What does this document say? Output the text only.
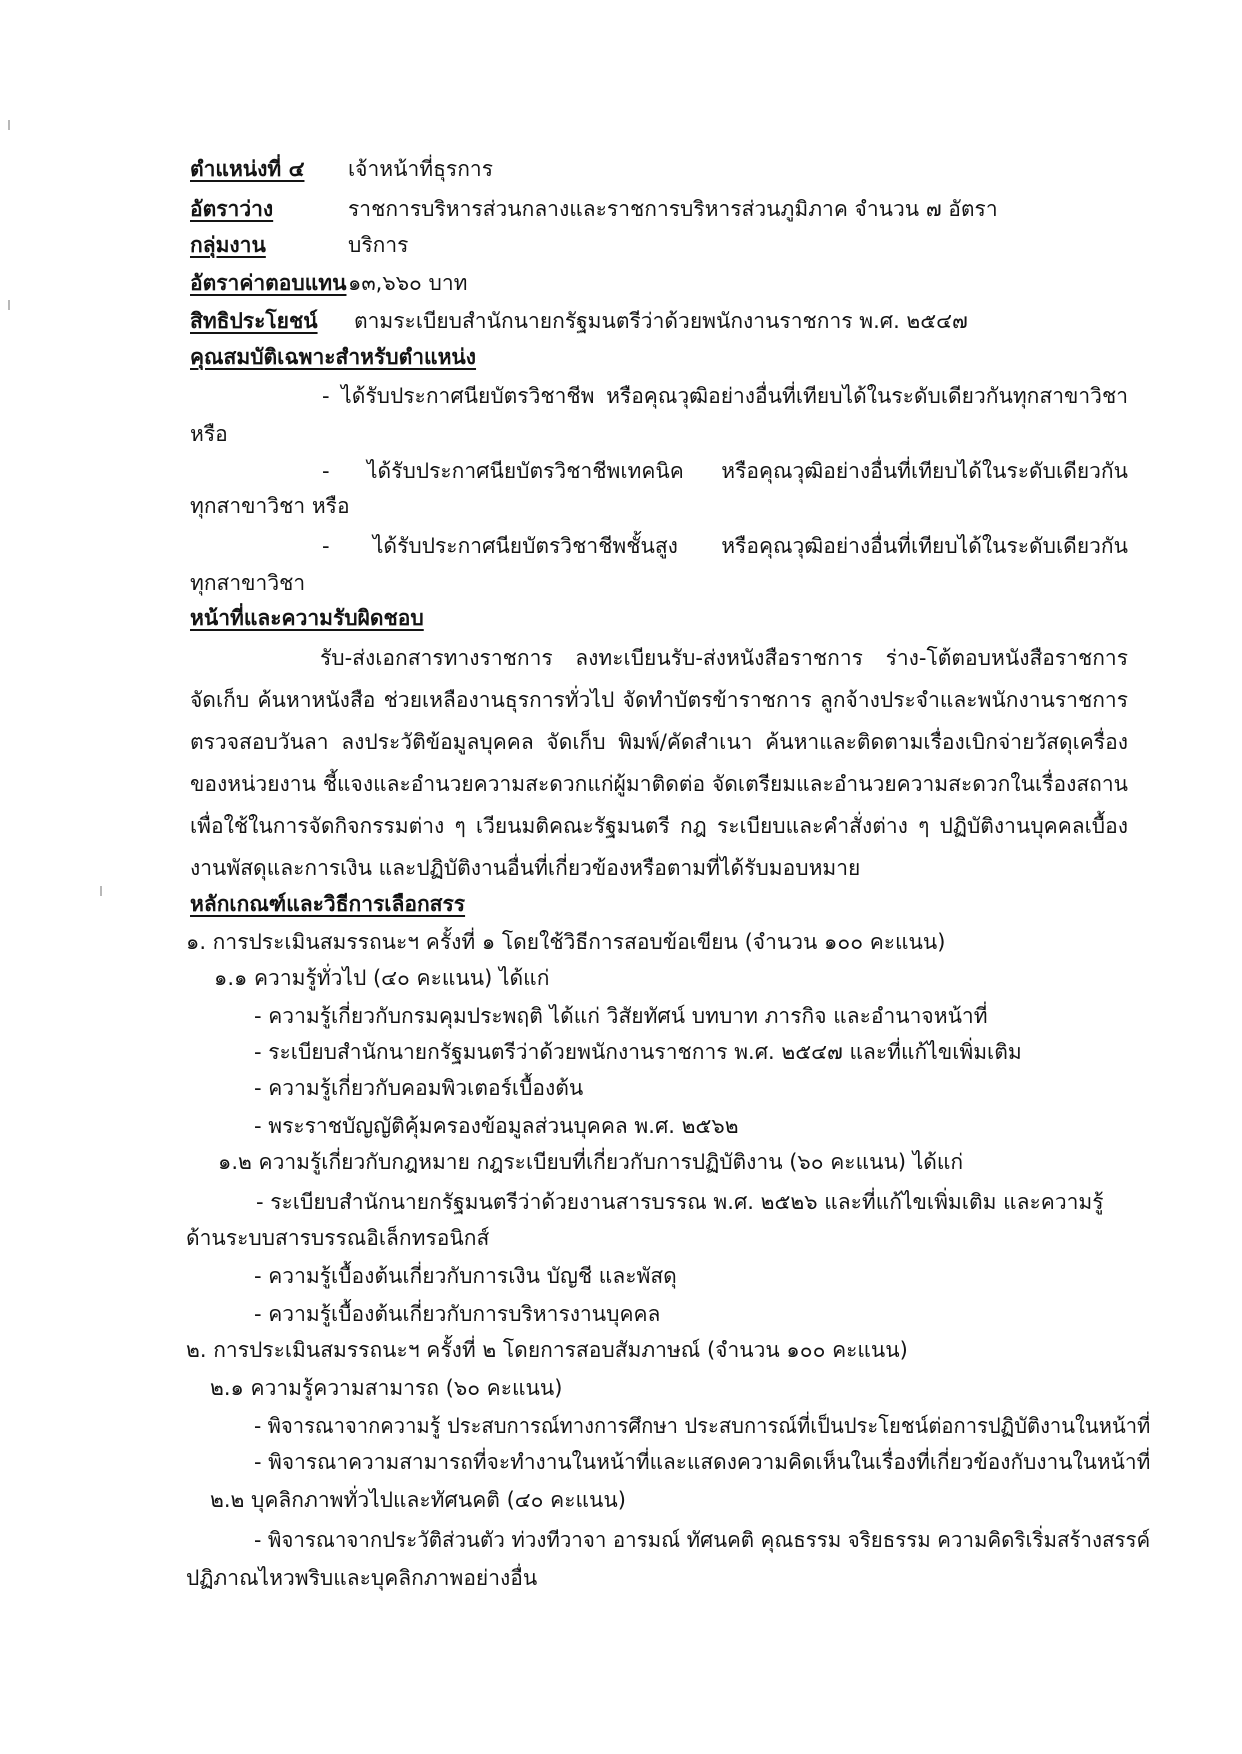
ตำแหน่งที่ ๔ เจ้าหน้าที่ธุรการ
อัตราว่าง	ราชการบริหารส่วนกลางและราชการบริหารส่วนภูมิภาค จำนวน ๗ อัตรา
กลุ่มงาน	บริการ
อัตราค่าตอบแทน ๑๓,๖๖๐ บาท
สิทธิประโยชน์ ตามระเบียบสำนักนายกรัฐมนตรีว่าด้วยพนักงานราชการ พ.ศ. ๒๕๔๗
คุณสมบัติเฉพาะสำหรับตำแหน่ง
- ได้รับประกาศนียบัตรวิชาชีพ หรือคุณวุฒิอย่างอื่นที่เทียบได้ในระดับเดียวกันทุกสาขาวิชา
หรือ
- ได้รับประกาศนียบัตรวิชาชีพเทคนิค หรือคุณวุฒิอย่างอื่นที่เทียบได้ในระดับเดียวกัน
ทุกสาขาวิชา หรือ
- ได้รับประกาศนียบัตรวิชาชีพชั้นสูง หรือคุณวุฒิอย่างอื่นที่เทียบได้ในระดับเดียวกัน
ทุกสาขาวิชา
หน้าที่และความรับผิดชอบ
รับ-ส่งเอกสารทางราชการ ลงทะเบียนรับ-ส่งหนังสือราชการ ร่าง-โต้ตอบหนังสือราชการ
จัดเก็บ ค้นหาหนังสือ ช่วยเหลืองานธุรการทั่วไป จัดทำบัตรข้าราชการ ลูกจ้างประจำและพนักงานราชการ
ตรวจสอบวันลา ลงประวัติข้อมูลบุคคล จัดเก็บ พิมพ์/คัดสำเนา ค้นหาและติดตามเรื่องเบิกจ่ายวัสดุเครื่อง
ของหน่วยงาน ชี้แจงและอำนวยความสะดวกแก่ผู้มาติดต่อ จัดเตรียมและอำนวยความสะดวกในเรื่องสถาน
เพื่อใช้ในการจัดกิจกรรมต่าง ๆ เวียนมติคณะรัฐมนตรี กฎ ระเบียบและคำสั่งต่าง ๆ ปฏิบัติงานบุคคลเบื้อง
งานพัสดุและการเงิน และปฏิบัติงานอื่นที่เกี่ยวข้องหรือตามที่ได้รับมอบหมาย
หลักเกณฑ์และวิธีการเลือกสรร
๑. การประเมินสมรรถนะฯ ครั้งที่ ๑ โดยใช้วิธีการสอบข้อเขียน (จำนวน ๑๐๐ คะแนน)
๑.๑ ความรู้ทั่วไป (๔๐ คะแนน) ได้แก่
- ความรู้เกี่ยวกับกรมคุมประพฤติ ได้แก่ วิสัยทัศน์ บทบาท ภารกิจ และอำนาจหน้าที่
- ระเบียบสำนักนายกรัฐมนตรีว่าด้วยพนักงานราชการ พ.ศ. ๒๕๔๗ และที่แก้ไขเพิ่มเติม
- ความรู้เกี่ยวกับคอมพิวเตอร์เบื้องต้น
- พระราชบัญญัติคุ้มครองข้อมูลส่วนบุคคล พ.ศ. ๒๕๖๒
๑.๒ ความรู้เกี่ยวกับกฎหมาย กฎระเบียบที่เกี่ยวกับการปฏิบัติงาน (๖๐ คะแนน) ได้แก่
- ระเบียบสำนักนายกรัฐมนตรีว่าด้วยงานสารบรรณ พ.ศ. ๒๕๒๖ และที่แก้ไขเพิ่มเติม และความรู้
ด้านระบบสารบรรณอิเล็กทรอนิกส์
- ความรู้เบื้องต้นเกี่ยวกับการเงิน บัญชี และพัสดุ
- ความรู้เบื้องต้นเกี่ยวกับการบริหารงานบุคคล
๒. การประเมินสมรรถนะฯ ครั้งที่ ๒ โดยการสอบสัมภาษณ์ (จำนวน ๑๐๐ คะแนน)
๒.๑ ความรู้ความสามารถ (๖๐ คะแนน)
- พิจารณาจากความรู้ ประสบการณ์ทางการศึกษา ประสบการณ์ที่เป็นประโยชน์ต่อการปฏิบัติงานในหน้าที่
- พิจารณาความสามารถที่จะทำงานในหน้าที่และแสดงความคิดเห็นในเรื่องที่เกี่ยวข้องกับงานในหน้าที่
๒.๒ บุคลิกภาพทั่วไปและทัศนคติ (๔๐ คะแนน)
- พิจารณาจากประวัติส่วนตัว ท่วงทีวาจา อารมณ์ ทัศนคติ คุณธรรม จริยธรรม ความคิดริเริ่มสร้างสรรค์
ปฏิภาณไหวพริบและบุคลิกภาพอย่างอื่น
